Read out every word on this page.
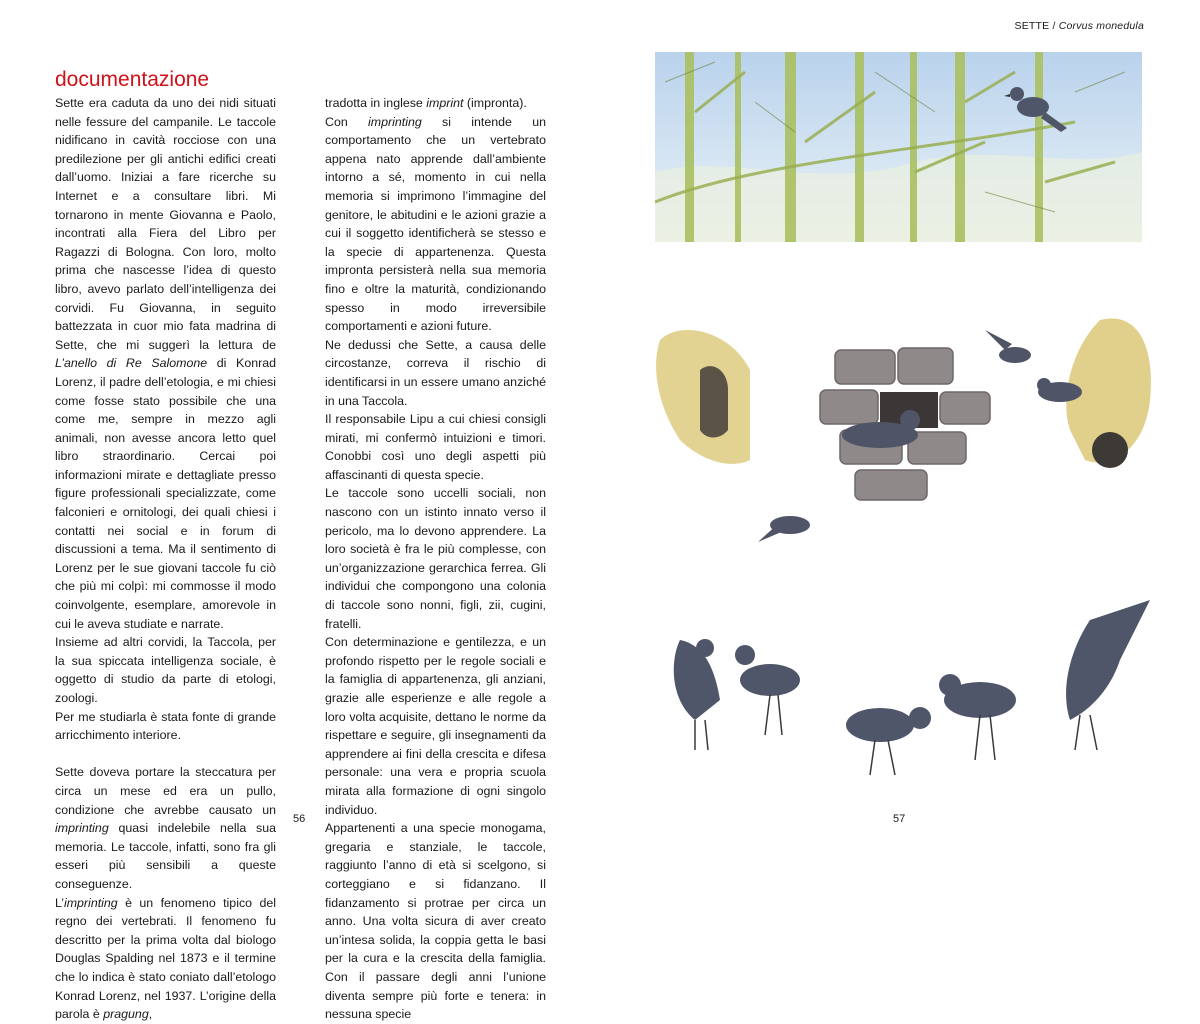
SETTE / Corvus monedula
documentazione

Sette era caduta da uno dei nidi situati nelle fessure del campanile. Le taccole nidificano in cavità rocciose con una predilezione per gli antichi edifici creati dall’uomo. Iniziai a fare ricerche su Internet e a consultare libri. Mi tornarono in mente Giovanna e Paolo, incontrati alla Fiera del Libro per Ragazzi di Bologna. Con loro, molto prima che nascesse l’idea di questo libro, avevo parlato dell’intelligenza dei corvidi. Fu Giovanna, in seguito battezzata in cuor mio fata madrina di Sette, che mi suggerì la lettura de L’anello di Re Salomone di Konrad Lorenz, il padre dell’etologia, e mi chiesi come fosse stato possibile che una come me, sempre in mezzo agli animali, non avesse ancora letto quel libro straordinario. Cercai poi informazioni mirate e dettagliate presso figure professionali specializzate, come falconieri e ornitologi, dei quali chiesi i contatti nei social e in forum di discussioni a tema. Ma il sentimento di Lorenz per le sue giovani taccole fu ciò che più mi colpì: mi commosse il modo coinvolgente, esemplare, amorevole in cui le aveva studiate e narrate.

Insieme ad altri corvidi, la Taccola, per la sua spiccata intelligenza sociale, è oggetto di studio da parte di etologi, zoologi.

Per me studiarla è stata fonte di grande arricchimento interiore.

Sette doveva portare la steccatura per circa un mese ed era un pullo, condizione che avrebbe causato un imprinting quasi indelebile nella sua memoria. Le taccole, infatti, sono fra gli esseri più sensibili a queste conseguenze.

L’imprinting è un fenomeno tipico del regno dei vertebrati. Il fenomeno fu descritto per la prima volta dal biologo Douglas Spalding nel 1873 e il termine che lo indica è stato coniato dall’etologo Konrad Lorenz, nel 1937. L’origine della parola è pragung,

tradotta in inglese imprint (impronta).

Con imprinting si intende un comportamento che un vertebrato appena nato apprende dall’ambiente intorno a sé, momento in cui nella memoria si imprimono l’immagine del genitore, le abitudini e le azioni grazie a cui il soggetto identificherà se stesso e la specie di appartenenza. Questa impronta persisterà nella sua memoria fino e oltre la maturità, condizionando spesso in modo irreversibile comportamenti e azioni future.

Ne dedussi che Sette, a causa delle circostanze, correva il rischio di identificarsi in un essere umano anziché in una Taccola.

Il responsabile Lipu a cui chiesi consigli mirati, mi confermò intuizioni e timori. Conobbi così uno degli aspetti più affascinanti di questa specie.

Le taccole sono uccelli sociali, non nascono con un istinto innato verso il pericolo, ma lo devono apprendere. La loro società è fra le più complesse, con un’organizzazione gerarchica ferrea. Gli individui che compongono una colonia di taccole sono nonni, figli, zii, cugini, fratelli.

Con determinazione e gentilezza, e un profondo rispetto per le regole sociali e la famiglia di appartenenza, gli anziani, grazie alle esperienze e alle regole a loro volta acquisite, dettano le norme da rispettare e seguire, gli insegnamenti da apprendere ai fini della crescita e difesa personale: una vera e propria scuola mirata alla formazione di ogni singolo individuo.

Appartenenti a una specie monogama, gregaria e stanziale, le taccole, raggiunto l’anno di età si scelgono, si corteggiano e si fidanzano. Il fidanzamento si protrae per circa un anno. Una volta sicura di aver creato un’intesa solida, la coppia getta le basi per la cura e la crescita della famiglia. Con il passare degli anni l’unione diventa sempre più forte e tenera: in nessuna specie

56	57
